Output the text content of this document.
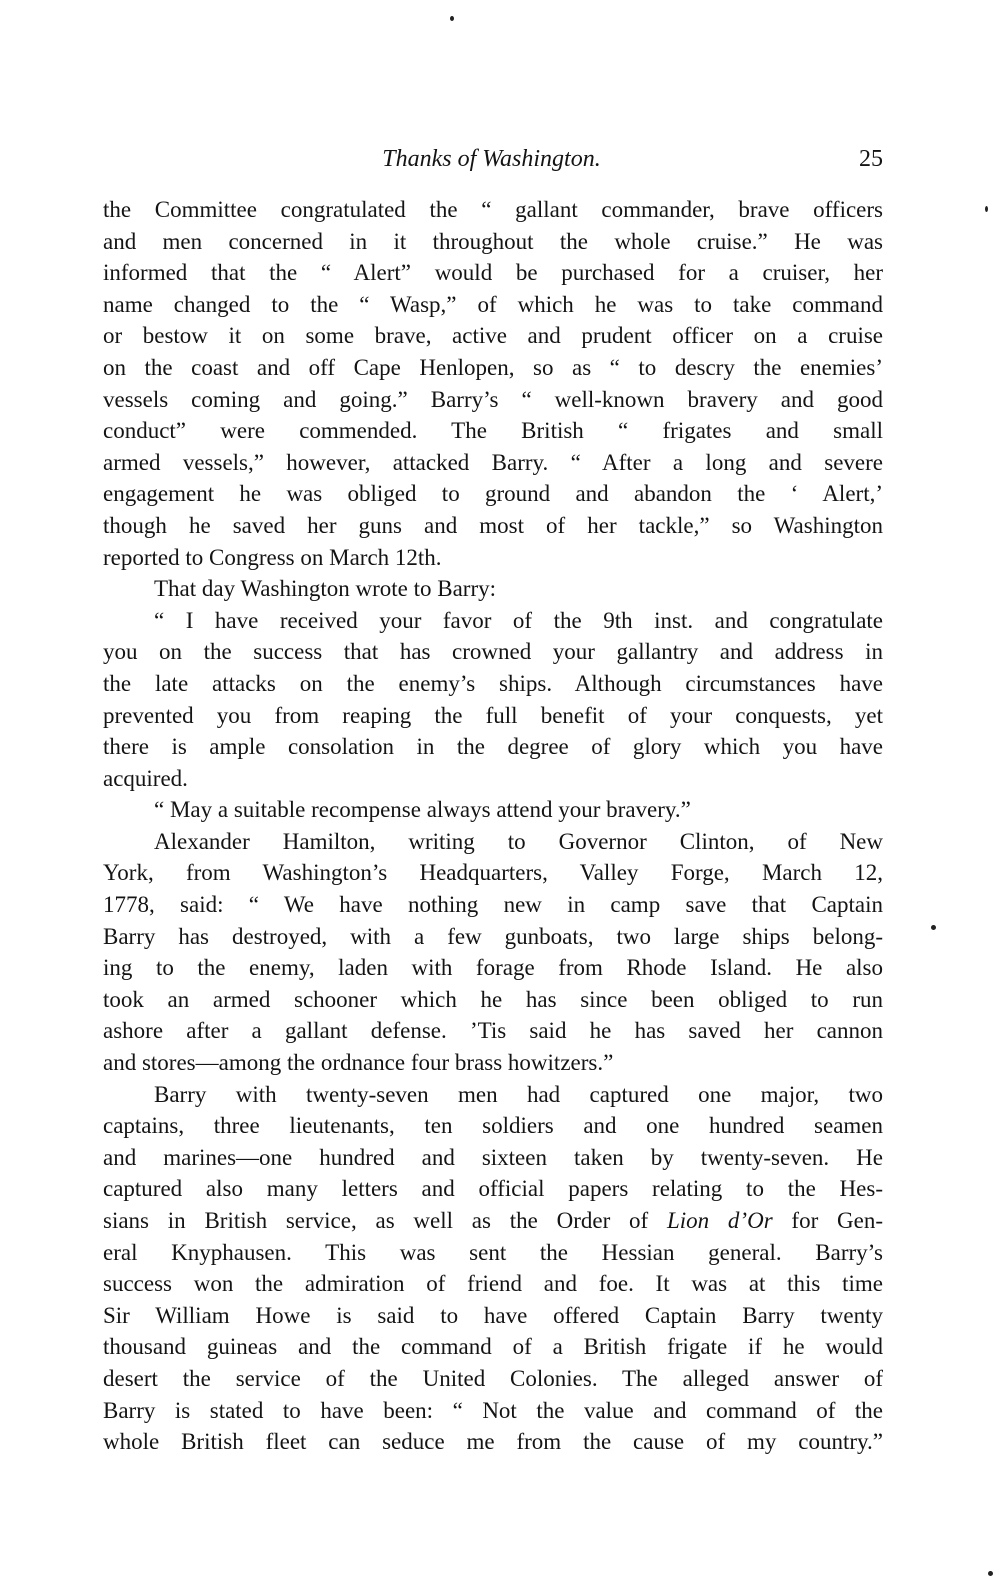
Thanks of Washington.	25
the Committee congratulated the “ gallant commander, brave officers
and men concerned in it throughout the whole cruise.” He was
informed that the “ Alert” would be purchased for a cruiser, her
name changed to the “ Wasp,” of which he was to take command
or bestow it on some brave, active and prudent officer on a cruise
on the coast and off Cape Henlopen, so as “ to descry the enemies’
vessels coming and going.” Barry’s “ well-known bravery and good
conduct” were commended. The British “ frigates and small
armed vessels,” however, attacked Barry. “ After a long and severe
engagement he was obliged to ground and abandon the ‘ Alert,’
though he saved her guns and most of her tackle,” so Washington
reported to Congress on March 12th.
That day Washington wrote to Barry:
“ I have received your favor of the 9th inst. and congratulate
you on the success that has crowned your gallantry and address in
the late attacks on the enemy’s ships. Although circumstances have
prevented you from reaping the full benefit of your conquests, yet
there is ample consolation in the degree of glory which you have
acquired.
“ May a suitable recompense always attend your bravery.”
Alexander Hamilton, writing to Governor Clinton, of New
York, from Washington’s Headquarters, Valley Forge, March 12,
1778, said: “ We have nothing new in camp save that Captain
Barry has destroyed, with a few gunboats, two large ships belong-
ing to the enemy, laden with forage from Rhode Island. He also
took an armed schooner which he has since been obliged to run
ashore after a gallant defense. ’Tis said he has saved her cannon
and stores—among the ordnance four brass howitzers.”
Barry with twenty-seven men had captured one major, two
captains, three lieutenants, ten soldiers and one hundred seamen
and marines—one hundred and sixteen taken by twenty-seven. He
captured also many letters and official papers relating to the Hes-
sians in British service, as well as the Order of Lion d’Or for Gen-
eral Knyphausen. This was sent the Hessian general. Barry’s
success won the admiration of friend and foe. It was at this time
Sir William Howe is said to have offered Captain Barry twenty
thousand guineas and the command of a British frigate if he would
desert the service of the United Colonies. The alleged answer of
Barry is stated to have been: “ Not the value and command of the
whole British fleet can seduce me from the cause of my country.”
